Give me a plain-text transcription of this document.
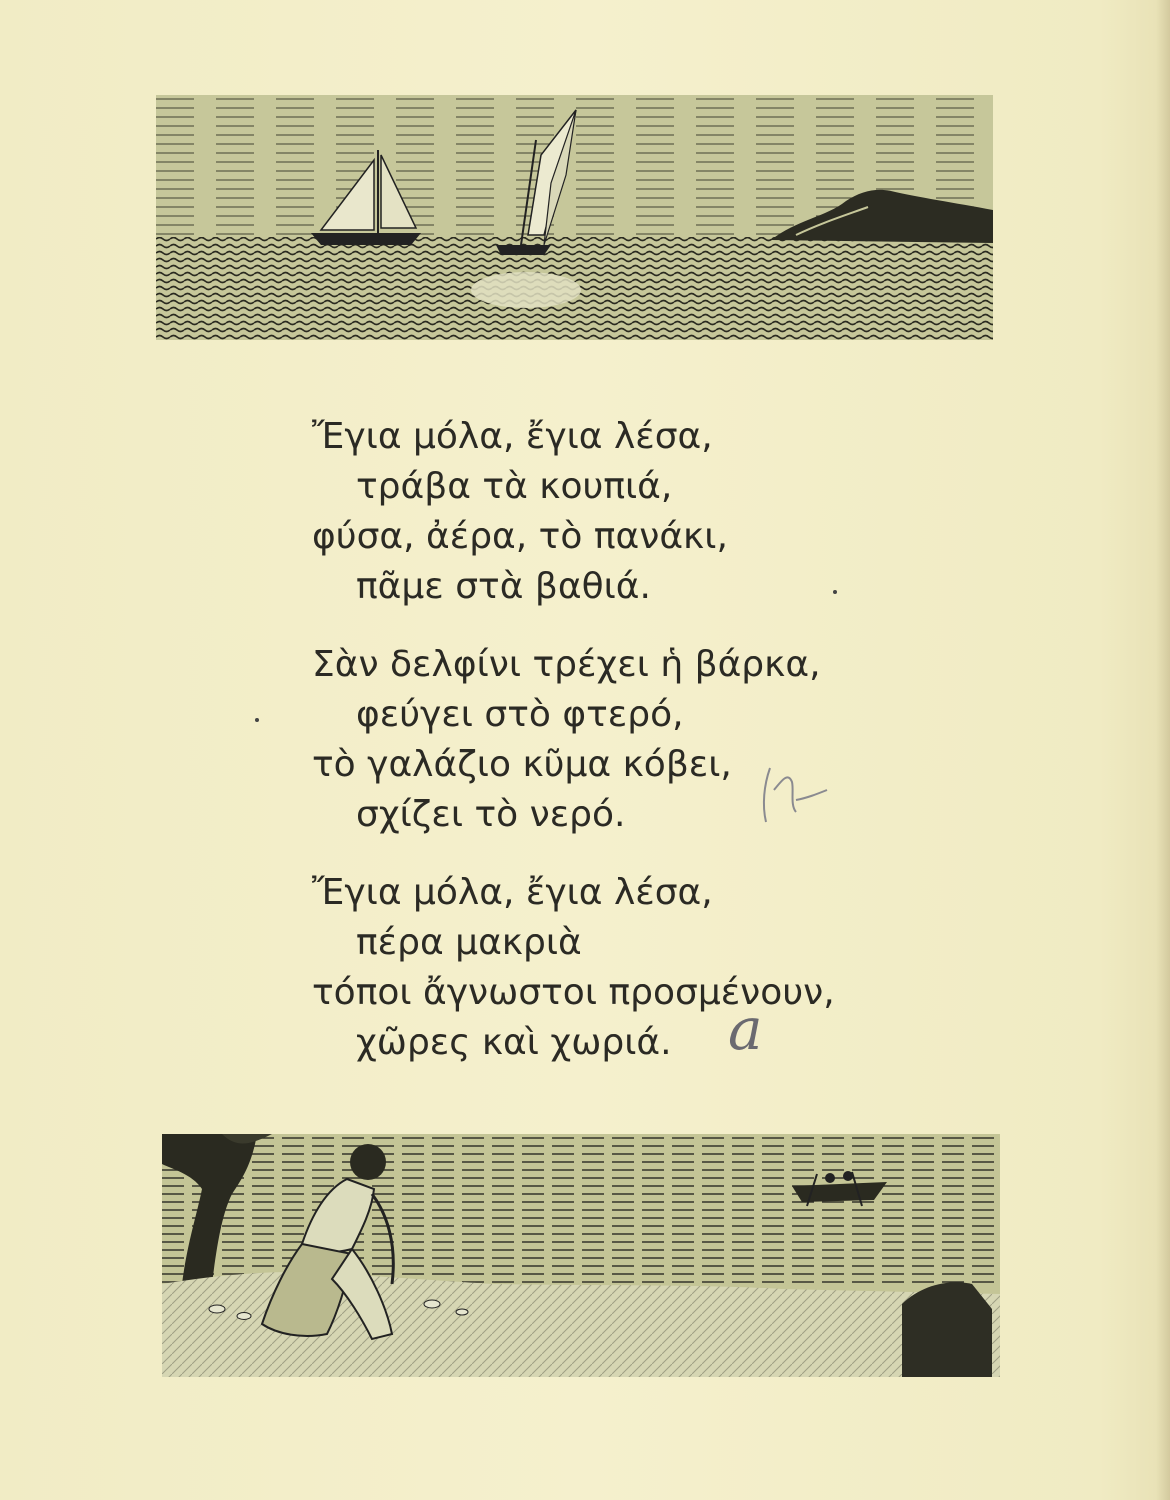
Ἔγια μόλα, ἔγια λέσα,
τράβα τὰ κουπιά,
φύσα, ἀέρα, τὸ πανάκι,
πᾶμε στὰ βαθιά.
Σὰν δελφίνι τρέχει ἡ βάρκα,
φεύγει στὸ φτερό,
τὸ γαλάζιο κῦμα κόβει,
σχίζει τὸ νερό.
Ἔγια μόλα, ἔγια λέσα,
πέρα μακριὰ
τόποι ἄγνωστοι προσμένουν,
χῶρες καὶ χωριά. a
